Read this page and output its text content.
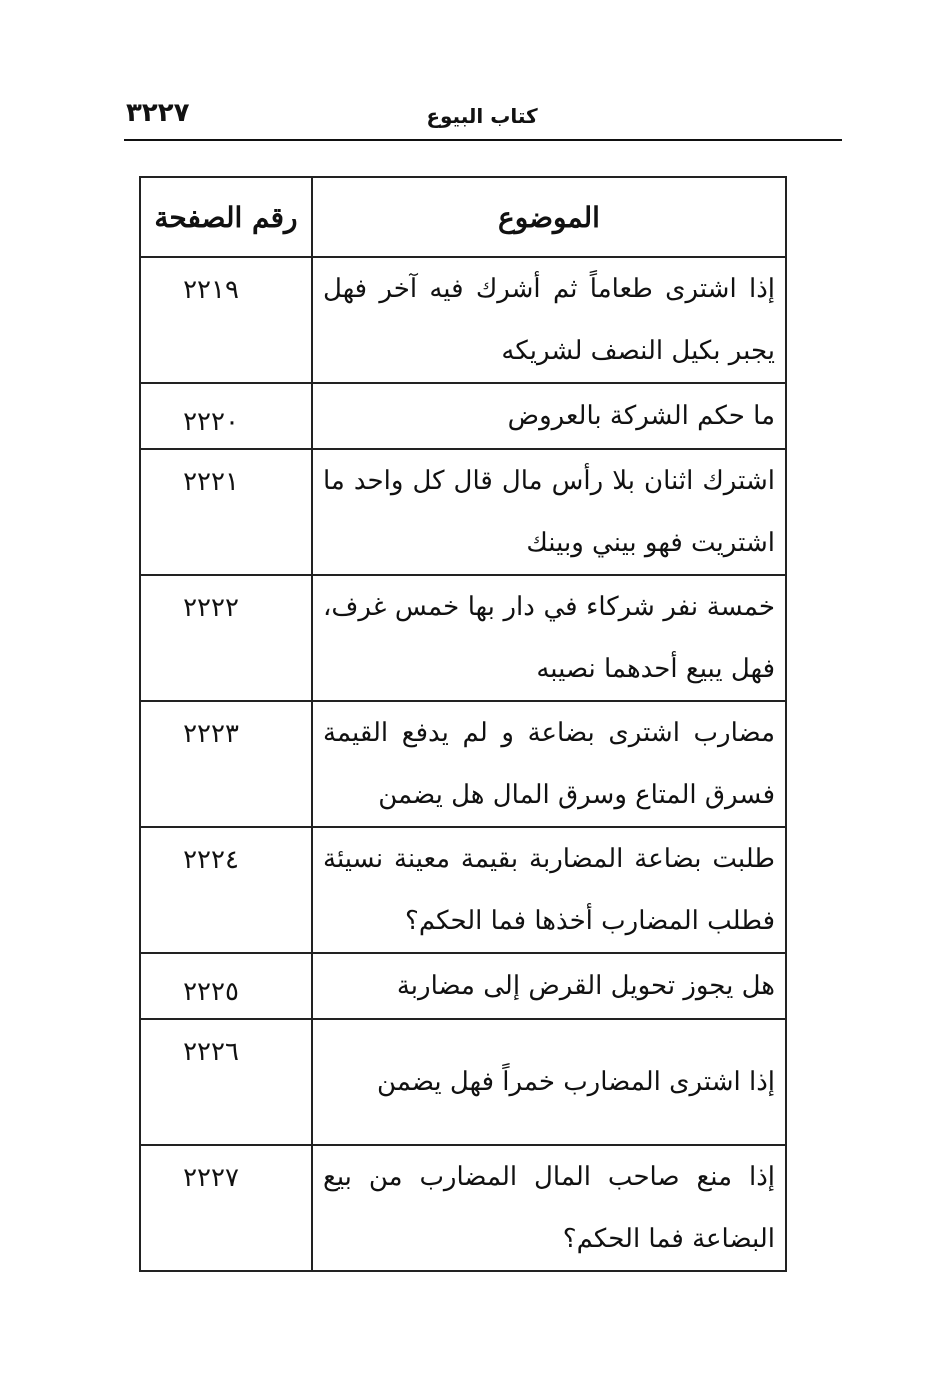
٣٢٢٧	كتاب البيوع
الموضوع	رقم الصفحة
إذا اشترى طعاماً ثم أشرك فيه آخر فهل يجبر بكيل النصف لشريكه	٢٢١٩
ما حكم الشركة بالعروض	٢٢٢٠
اشترك اثنان بلا رأس مال قال كل واحد ما اشتريت فهو بيني وبينك	٢٢٢١
خمسة نفر شركاء في دار بها خمس غرف، فهل يبيع أحدهما نصيبه	٢٢٢٢
مضارب اشترى بضاعة و لم يدفع القيمة فسرق المتاع وسرق المال هل يضمن	٢٢٢٣
طلبت بضاعة المضاربة بقيمة معينة نسيئة فطلب المضارب أخذها فما الحكم؟	٢٢٢٤
هل يجوز تحويل القرض إلى مضاربة	٢٢٢٥
إذا اشترى المضارب خمراً فهل يضمن	٢٢٢٦
إذا منع صاحب المال المضارب من بيع البضاعة فما الحكم؟	٢٢٢٧
